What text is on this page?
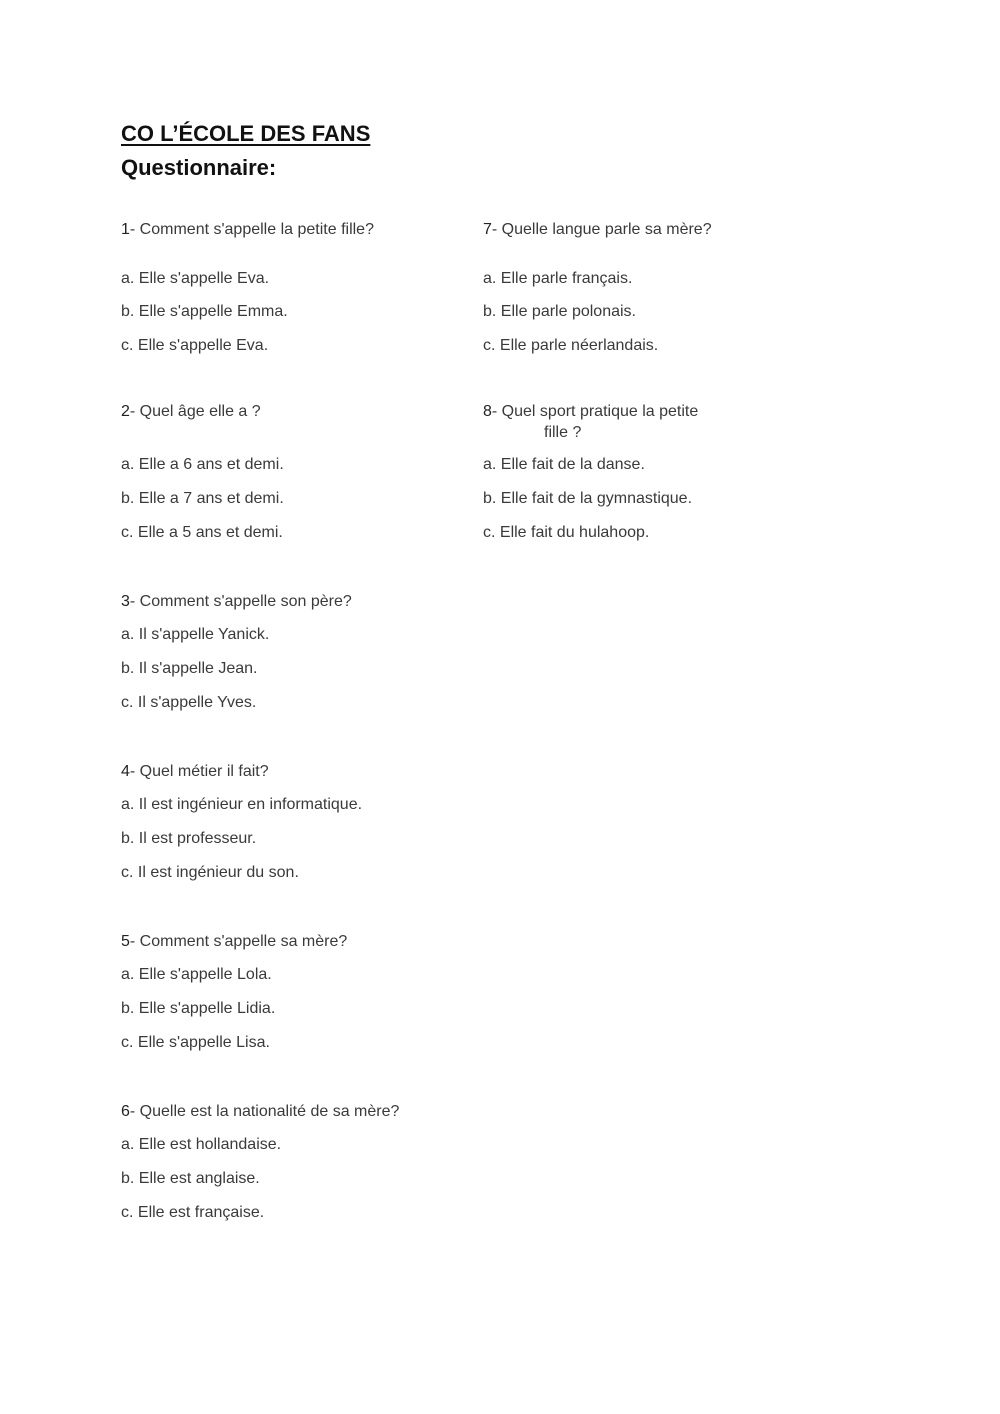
CO L’ÉCOLE DES FANS
Questionnaire:

1- Comment s'appelle la petite fille?

a. Elle s'appelle Eva.

b. Elle s'appelle Emma.

c. Elle s'appelle Eva.

2- Quel âge elle a ?

a. Elle a 6 ans et demi.

b. Elle a 7 ans et demi.

c. Elle a 5 ans et demi.

3- Comment s'appelle son père?

a. Il s'appelle Yanick.

b. Il s'appelle Jean.

c. Il s'appelle Yves.

4- Quel métier il fait?

a. Il est ingénieur en informatique.

b. Il est professeur.

c. Il est ingénieur du son.

5- Comment s'appelle sa mère?

a. Elle s'appelle Lola.

b. Elle s'appelle Lidia.

c. Elle s'appelle Lisa.

6- Quelle est la nationalité de sa mère?

a. Elle est hollandaise.

b. Elle est anglaise.

c. Elle est française.

7- Quelle langue parle sa mère?

a. Elle parle français.

b. Elle parle polonais.

c. Elle parle néerlandais.

8- Quel sport pratique la petite
fille ?

a. Elle fait de la danse.

b. Elle fait de la gymnastique.

c. Elle fait du hulahoop.
